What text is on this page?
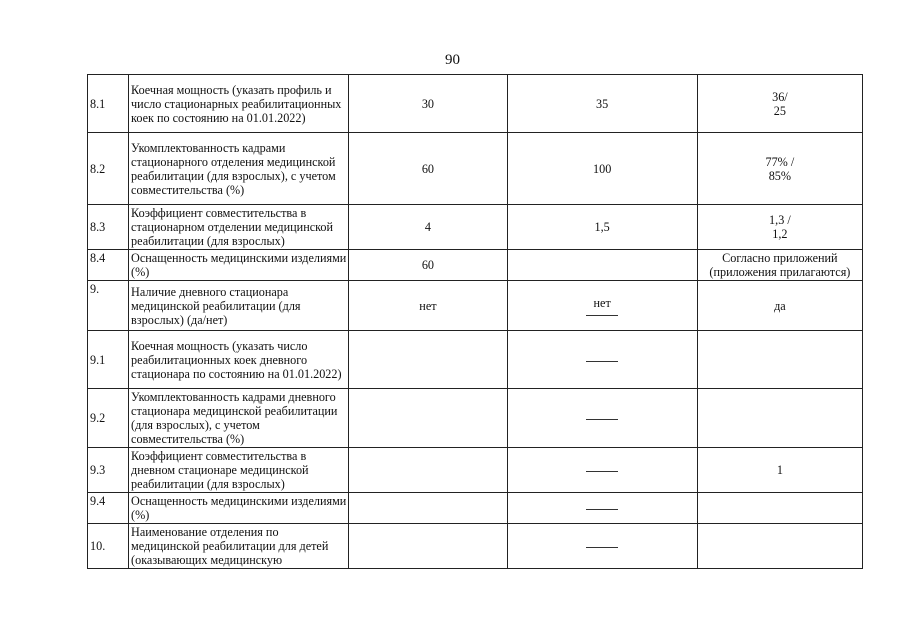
90
8.1	Коечная мощность (указать профиль и число стационарных реабилитационных коек по состоянию на 01.01.2022)	30	35	36/
25
8.2	Укомплектованность кадрами стационарного отделения медицинской реабилитации (для взрослых), с учетом совместительства (%)	60	100	77% /
85%
8.3	Коэффициент совместительства в стационарном отделении медицинской реабилитации (для взрослых)	4	1,5	1,3 /
1,2
8.4	Оснащенность медицинскими изделиями (%)	60		Согласно приложений
(приложения прилагаются)
9.	Наличие дневного стационара медицинской реабилитации (для взрослых) (да/нет)	нет	нет	да
9.1	Коечная мощность (указать число реабилитационных коек дневного стационара по состоянию на 01.01.2022)			
9.2	Укомплектованность кадрами дневного стационара медицинской реабилитации (для взрослых), с учетом совместительства (%)			
9.3	Коэффициент совместительства в дневном стационаре медицинской реабилитации (для взрослых)			1
9.4	Оснащенность медицинскими изделиями (%)			
10.	Наименование отделения по медицинской реабилитации для детей (оказывающих медицинскую			
